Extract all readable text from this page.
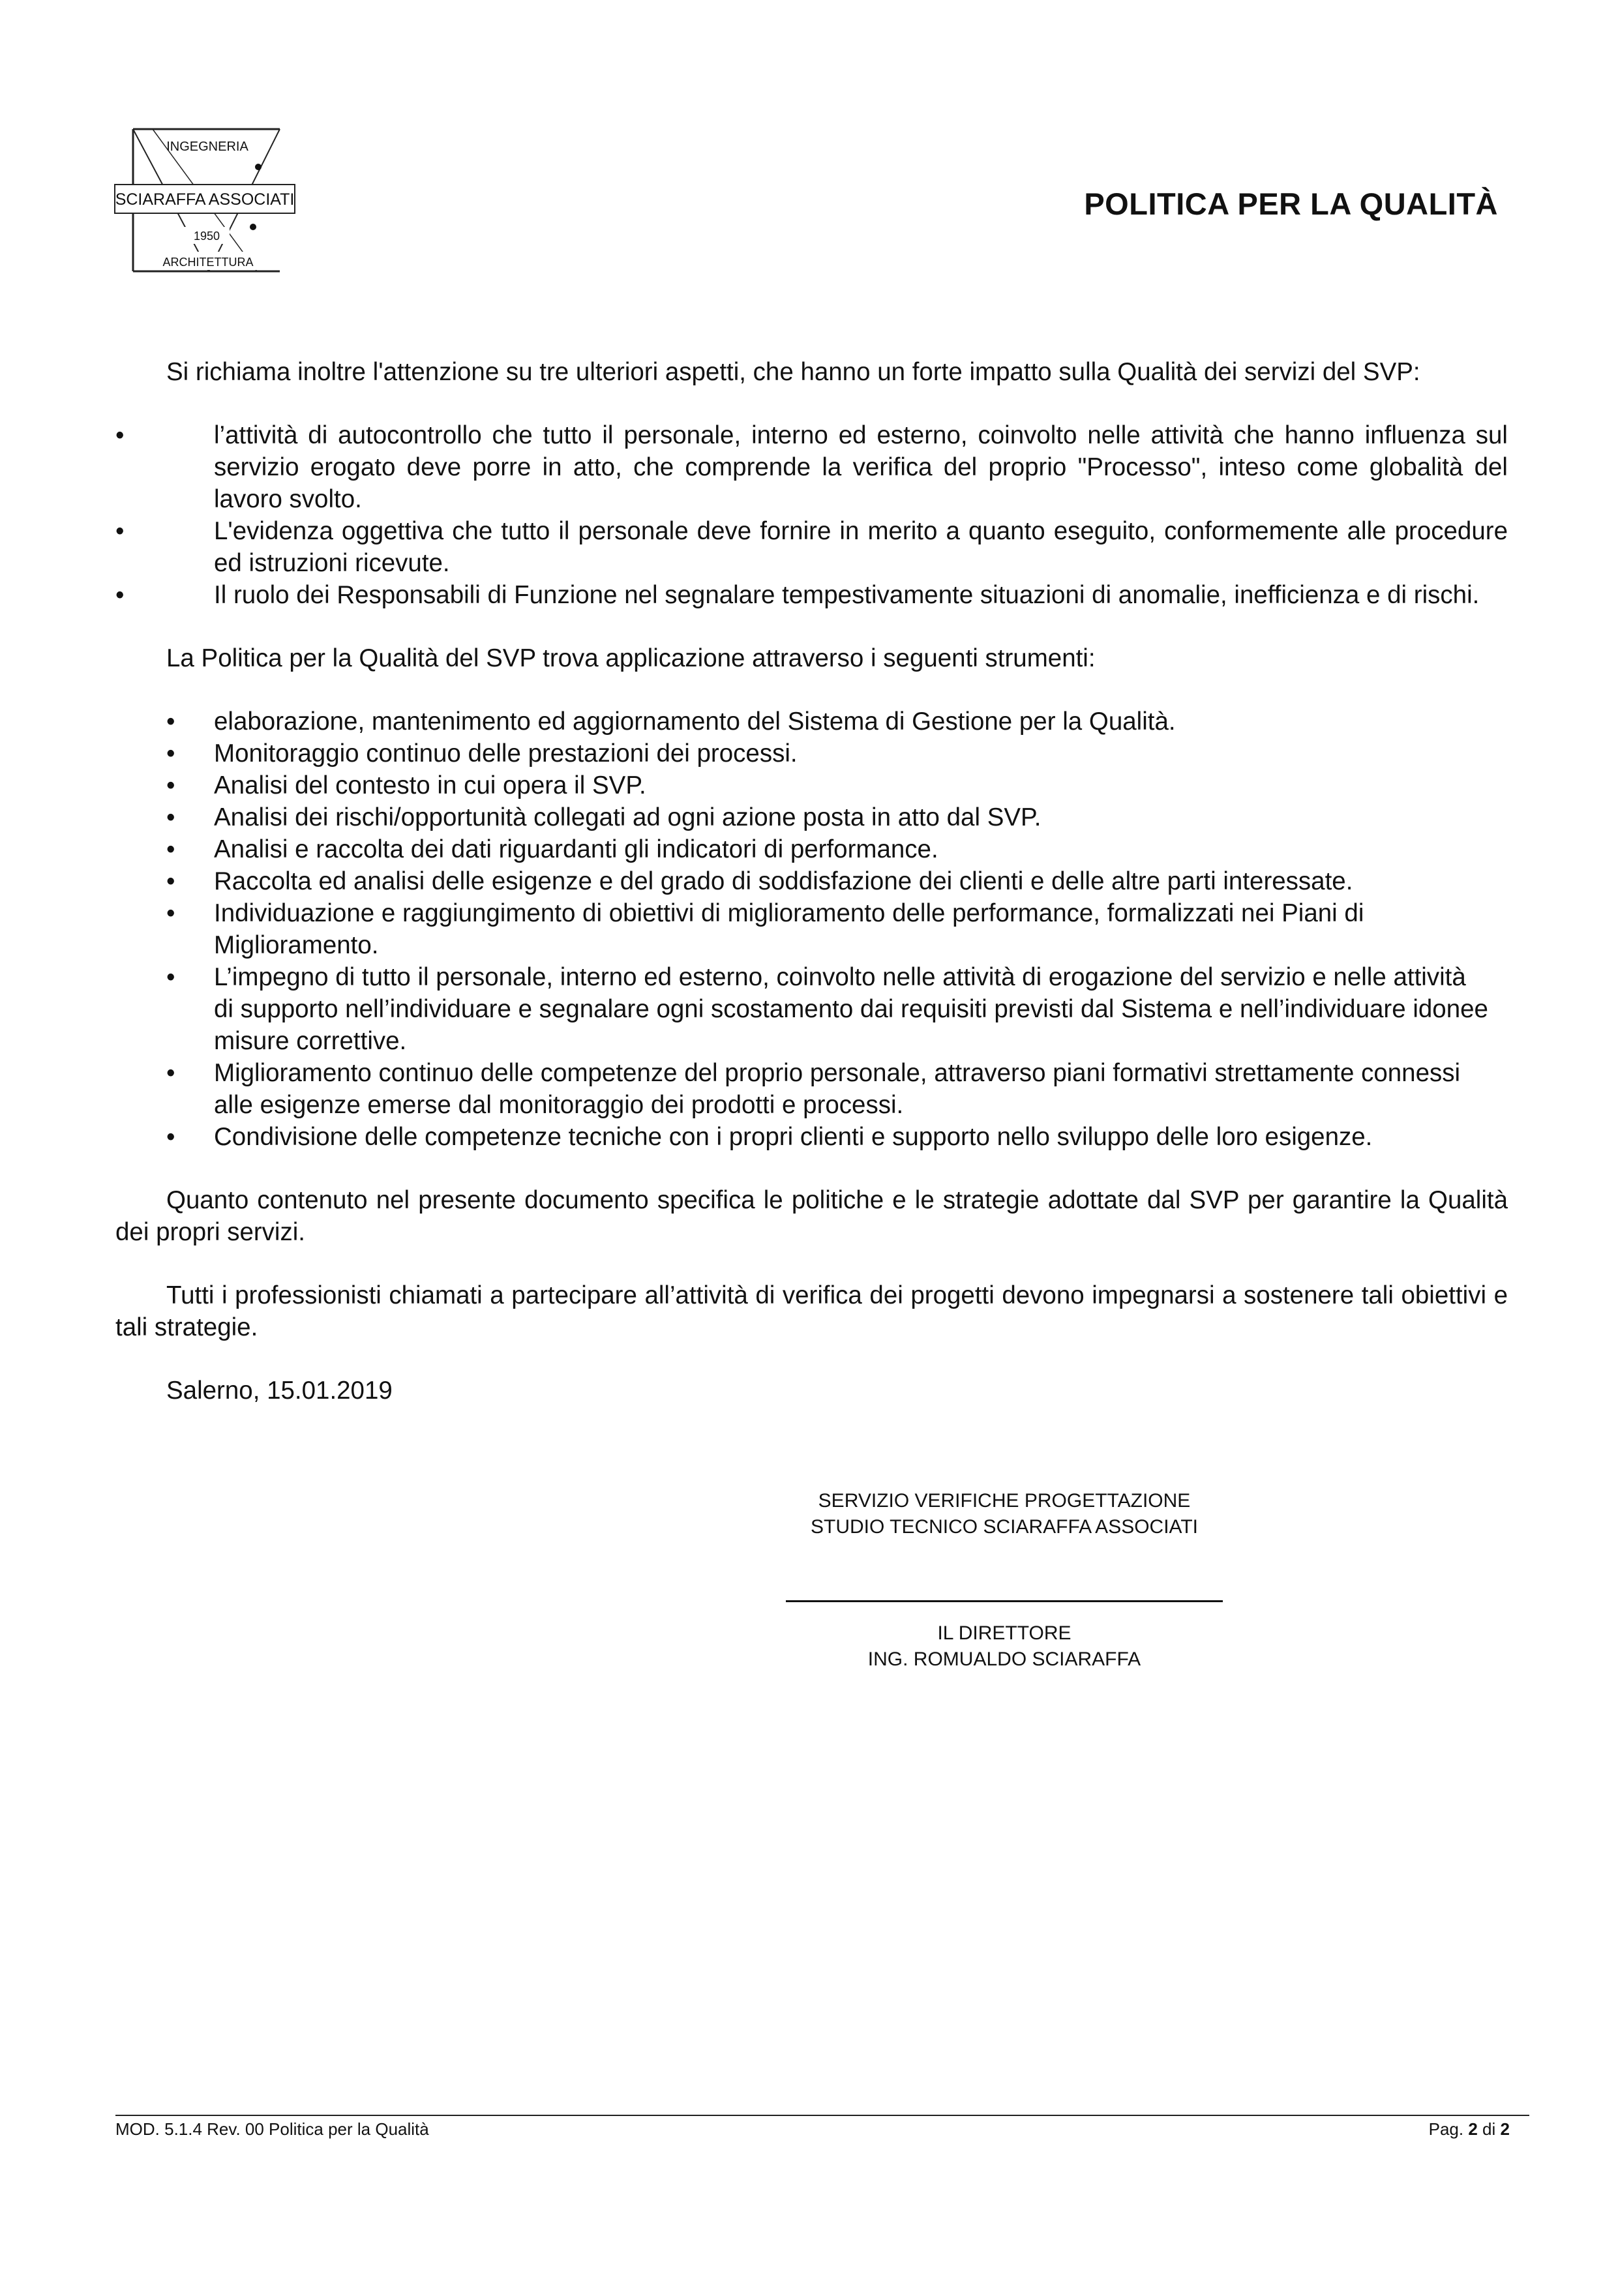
INGEGNERIA
SCIARAFFA ASSOCIATI
1950
ARCHITETTURA
POLITICA PER LA QUALITÀ

Si richiama inoltre l'attenzione su tre ulteriori aspetti, che hanno un forte impatto sulla Qualità dei servizi del SVP:

•	l’attività di autocontrollo che tutto il personale, interno ed esterno, coinvolto nelle attività che hanno influenza sul servizio erogato deve porre in atto, che comprende la verifica del proprio "Processo", inteso come globalità del lavoro svolto.
•	L'evidenza oggettiva che tutto il personale deve fornire in merito a quanto eseguito, conformemente alle procedure ed istruzioni ricevute.
•	Il ruolo dei Responsabili di Funzione nel segnalare tempestivamente situazioni di anomalie, inefficienza e di rischi.

La Politica per la Qualità del SVP trova applicazione attraverso i seguenti strumenti:

• elaborazione, mantenimento ed aggiornamento del Sistema di Gestione per la Qualità.
• Monitoraggio continuo delle prestazioni dei processi.
• Analisi del contesto in cui opera il SVP.
• Analisi dei rischi/opportunità collegati ad ogni azione posta in atto dal SVP.
• Analisi e raccolta dei dati riguardanti gli indicatori di performance.
• Raccolta ed analisi delle esigenze e del grado di soddisfazione dei clienti e delle altre parti interessate.
• Individuazione e raggiungimento di obiettivi di miglioramento delle performance, formalizzati nei Piani di Miglioramento.
• L’impegno di tutto il personale, interno ed esterno, coinvolto nelle attività di erogazione del servizio e nelle attività di supporto nell’individuare e segnalare ogni scostamento dai requisiti previsti dal Sistema e nell’individuare idonee misure correttive.
• Miglioramento continuo delle competenze del proprio personale, attraverso piani formativi strettamente connessi alle esigenze emerse dal monitoraggio dei prodotti e processi.
• Condivisione delle competenze tecniche con i propri clienti e supporto nello sviluppo delle loro esigenze.

Quanto contenuto nel presente documento specifica le politiche e le strategie adottate dal SVP per garantire la Qualità dei propri servizi.

Tutti i professionisti chiamati a partecipare all’attività di verifica dei progetti devono impegnarsi a sostenere tali obiettivi e tali strategie.

Salerno, 15.01.2019

SERVIZIO VERIFICHE PROGETTAZIONE
STUDIO TECNICO SCIARAFFA ASSOCIATI
IL DIRETTORE
ING. ROMUALDO SCIARAFFA
MOD. 5.1.4 Rev. 00 Politica per la Qualità	Pag. 2 di 2
